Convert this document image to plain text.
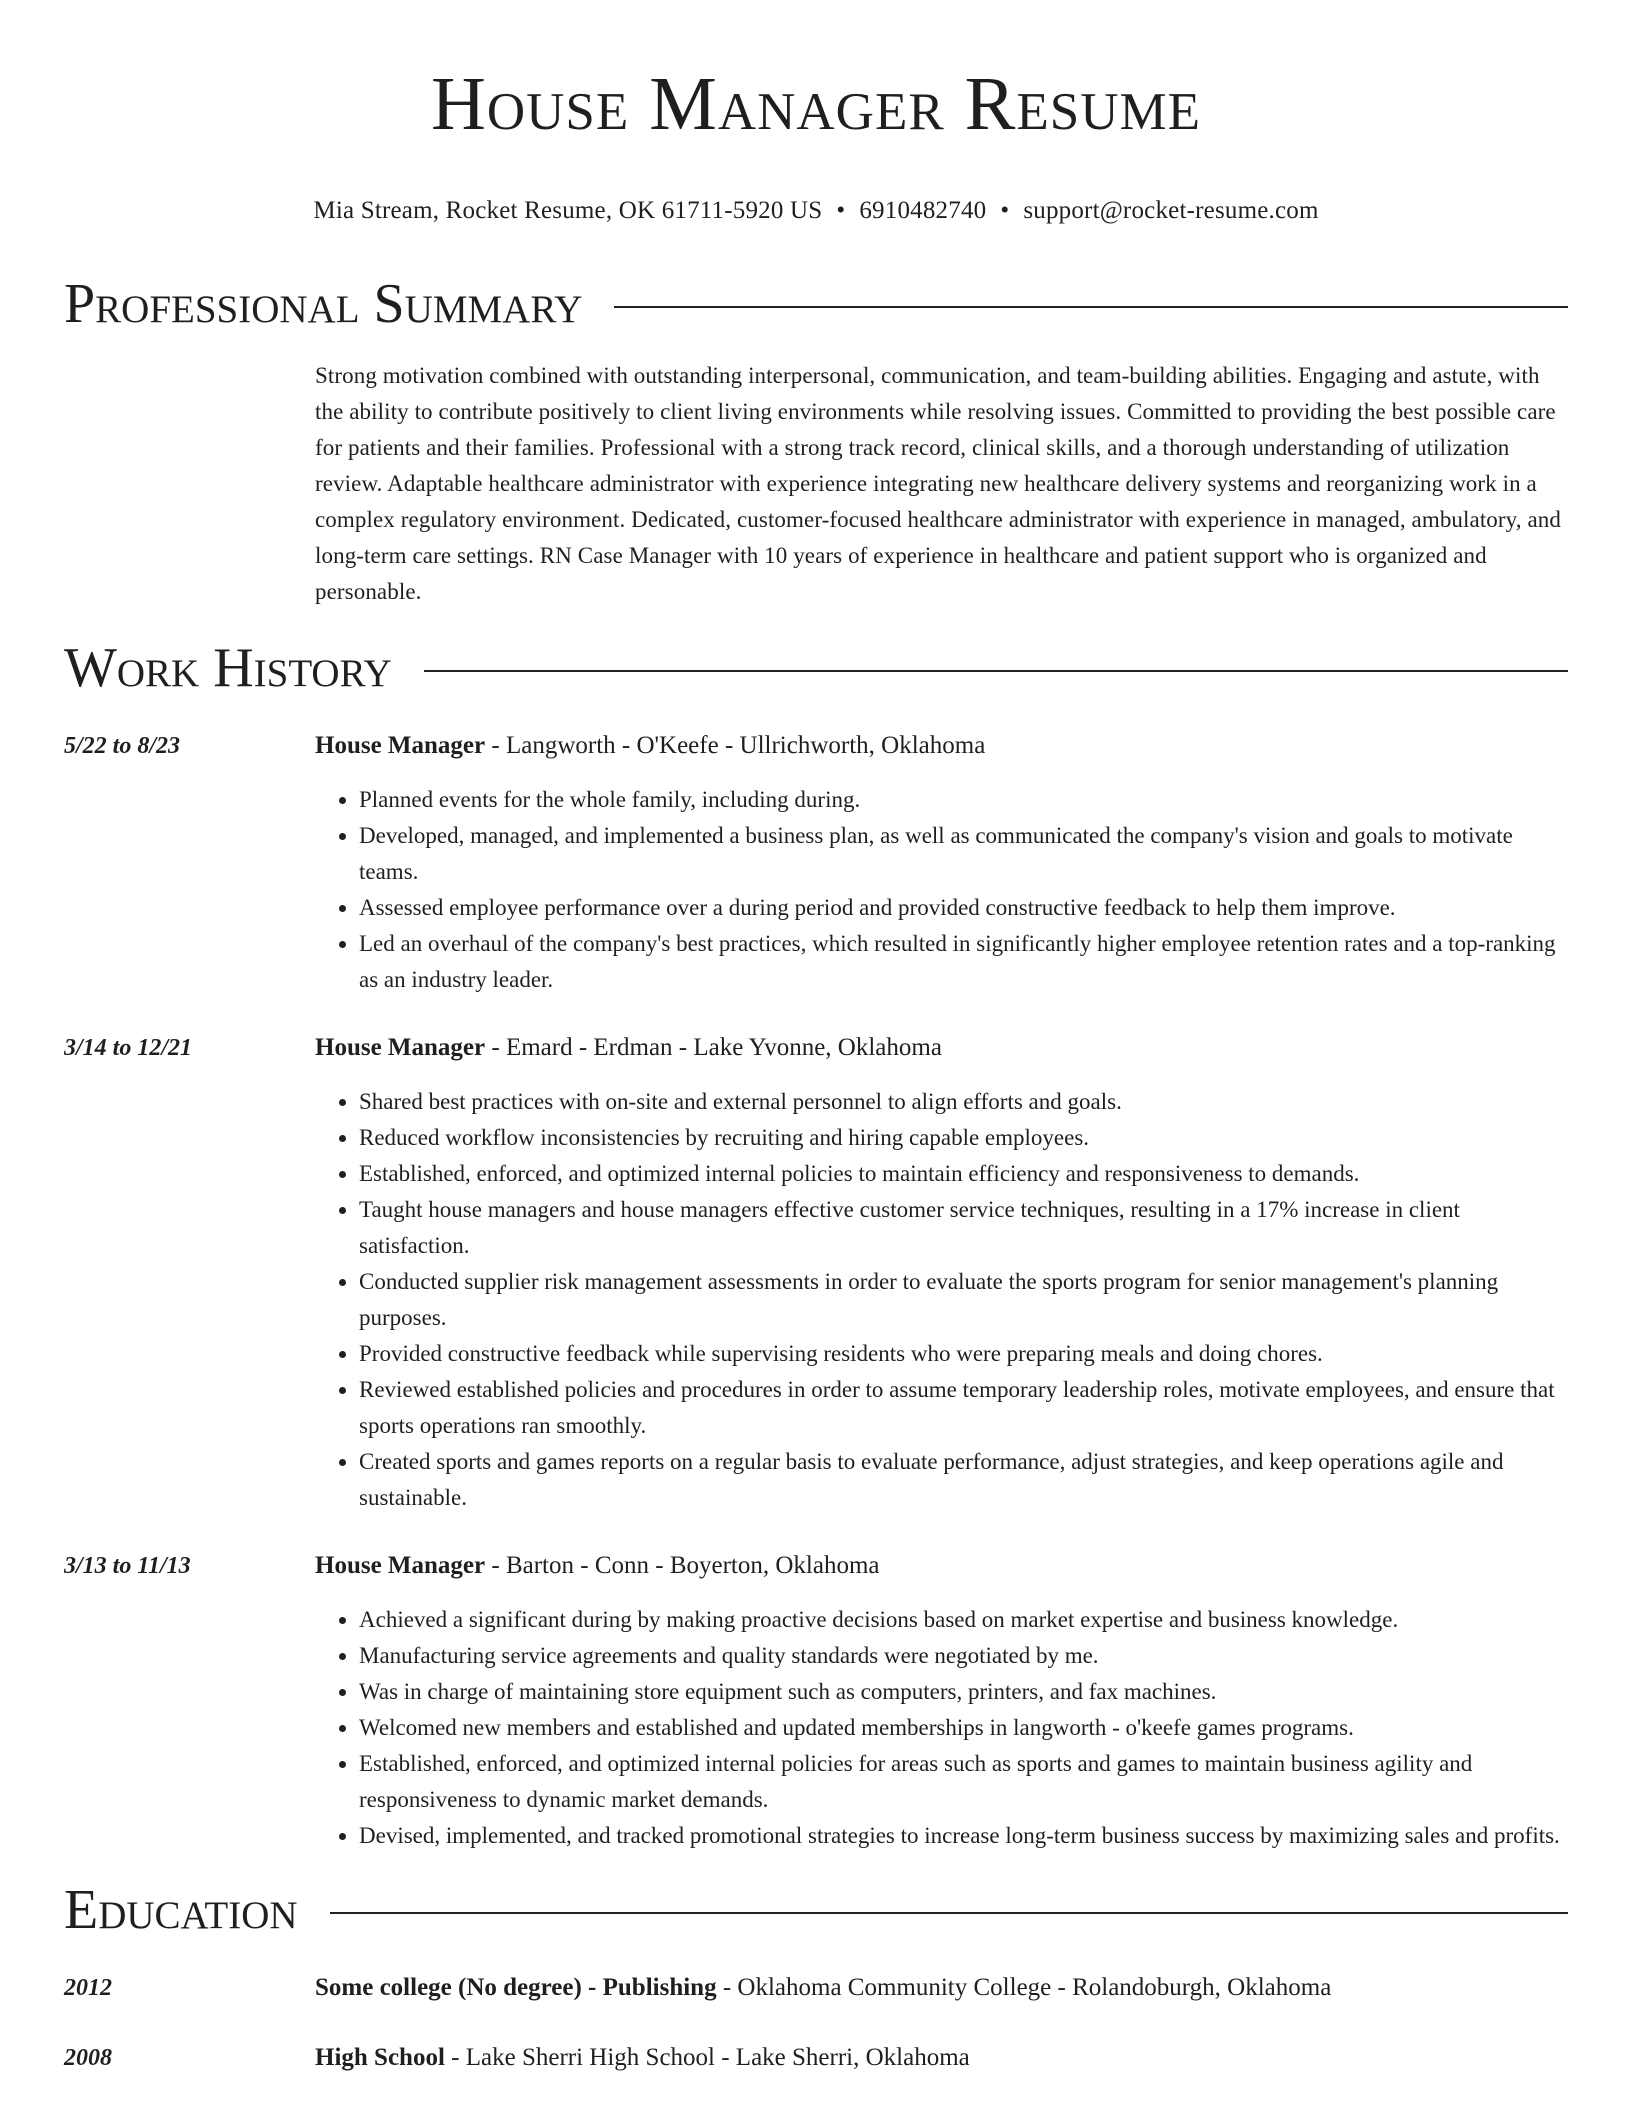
House Manager Resume
Mia Stream, Rocket Resume, OK 61711-5920 US • 6910482740 • support@rocket-resume.com
Professional Summary
Strong motivation combined with outstanding interpersonal, communication, and team-building abilities. Engaging and astute, with the ability to contribute positively to client living environments while resolving issues. Committed to providing the best possible care for patients and their families. Professional with a strong track record, clinical skills, and a thorough understanding of utilization review. Adaptable healthcare administrator with experience integrating new healthcare delivery systems and reorganizing work in a complex regulatory environment. Dedicated, customer-focused healthcare administrator with experience in managed, ambulatory, and long-term care settings. RN Case Manager with 10 years of experience in healthcare and patient support who is organized and personable.
Work History
5/22 to 8/23	House Manager - Langworth - O'Keefe - Ullrichworth, Oklahoma
• Planned events for the whole family, including during.
• Developed, managed, and implemented a business plan, as well as communicated the company's vision and goals to motivate teams.
• Assessed employee performance over a during period and provided constructive feedback to help them improve.
• Led an overhaul of the company's best practices, which resulted in significantly higher employee retention rates and a top-ranking as an industry leader.
3/14 to 12/21	House Manager - Emard - Erdman - Lake Yvonne, Oklahoma
• Shared best practices with on-site and external personnel to align efforts and goals.
• Reduced workflow inconsistencies by recruiting and hiring capable employees.
• Established, enforced, and optimized internal policies to maintain efficiency and responsiveness to demands.
• Taught house managers and house managers effective customer service techniques, resulting in a 17% increase in client satisfaction.
• Conducted supplier risk management assessments in order to evaluate the sports program for senior management's planning purposes.
• Provided constructive feedback while supervising residents who were preparing meals and doing chores.
• Reviewed established policies and procedures in order to assume temporary leadership roles, motivate employees, and ensure that sports operations ran smoothly.
• Created sports and games reports on a regular basis to evaluate performance, adjust strategies, and keep operations agile and sustainable.
3/13 to 11/13	House Manager - Barton - Conn - Boyerton, Oklahoma
• Achieved a significant during by making proactive decisions based on market expertise and business knowledge.
• Manufacturing service agreements and quality standards were negotiated by me.
• Was in charge of maintaining store equipment such as computers, printers, and fax machines.
• Welcomed new members and established and updated memberships in langworth - o'keefe games programs.
• Established, enforced, and optimized internal policies for areas such as sports and games to maintain business agility and responsiveness to dynamic market demands.
• Devised, implemented, and tracked promotional strategies to increase long-term business success by maximizing sales and profits.
Education
2012	Some college (No degree) - Publishing - Oklahoma Community College - Rolandoburgh, Oklahoma
2008	High School - Lake Sherri High School - Lake Sherri, Oklahoma
